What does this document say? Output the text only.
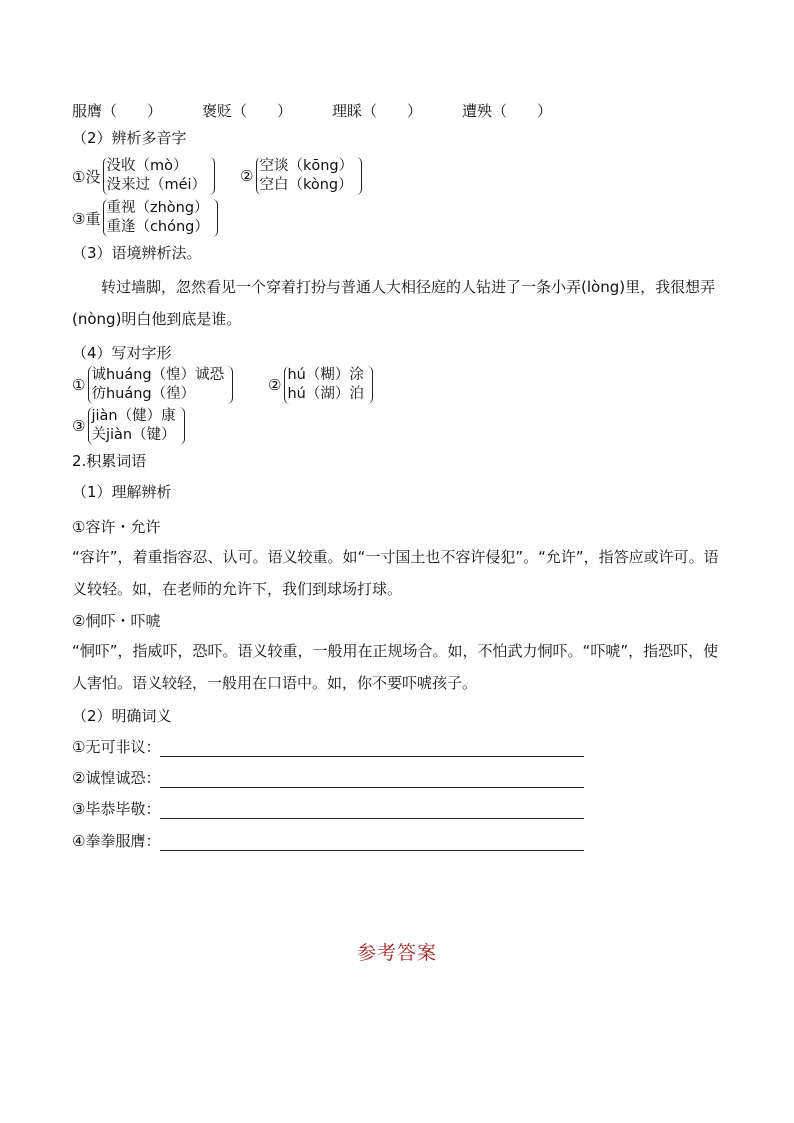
服膺（　　）	褒贬（　　）	理睬（　　）	遭殃（　　）
（2）辨析多音字
①没
没收（mò）
没来过（méi） ②
空谈（kōng）
空白（kòng）
③重
重视（zhòng）
重逢（chóng）
（3）语境辨析法。
转过墙脚，忽然看见一个穿着打扮与普通人大相径庭的人钻进了一条小弄(lòng)里，我很想弄(nòng)明白他到底是谁。
（4）写对字形
①
诚huáng（惶）诚恐
彷huáng（徨）	②
hú（糊）涂
hú（湖）泊
③
jiàn（健）康
关jiàn（键）
2.积累词语
（1）理解辨析
①容许・允许
“容许”，着重指容忍、认可。语义较重。如“一寸国土也不容许侵犯”。“允许”，指答应或许可。语义较轻。如，在老师的允许下，我们到球场打球。
②恫吓・吓唬
“恫吓”，指威吓，恐吓。语义较重，一般用在正规场合。如，不怕武力恫吓。“吓唬”，指恐吓，使人害怕。语义较轻，一般用在口语中。如，你不要吓唬孩子。
（2）明确词义
①无可非议：
②诚惶诚恐：
③毕恭毕敬：
④拳拳服膺：
参考答案
